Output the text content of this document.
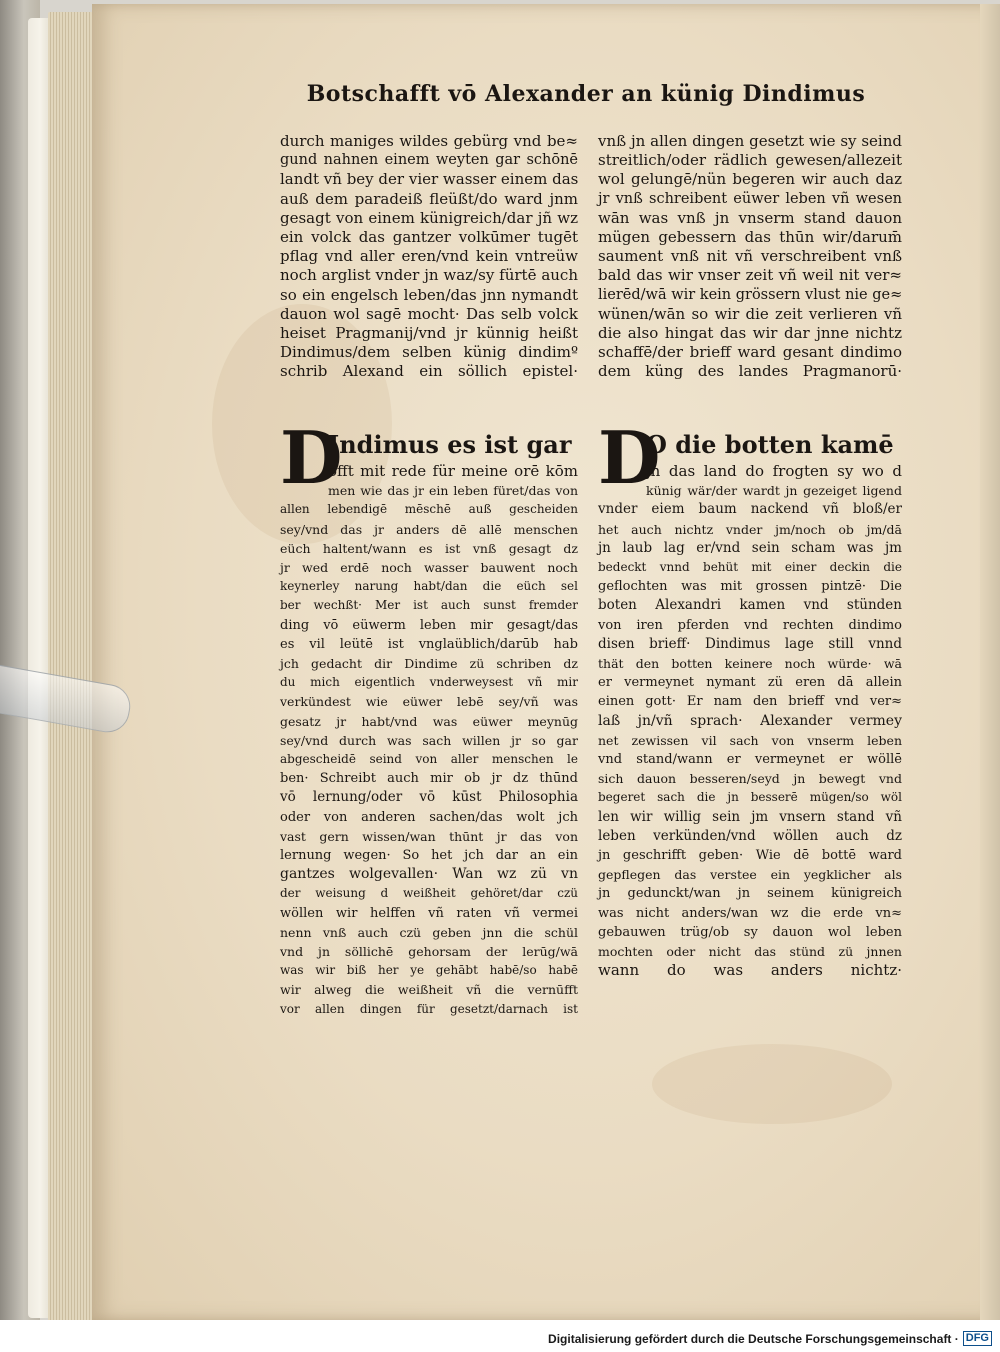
Botschafft vō Alexander an künig Dindimus
durch maniges wildes gebürg vnd be≈
gund nahnen einem weyten gar schōnē
landt vñ bey der vier wasser einem das
auß dem paradeiß fleüßt/do ward jnm
gesagt von einem künigreich/dar jñ wz
ein volck das gantzer volkūmer tugēt
pflag vnd aller eren/vnd kein vntreüw
noch arglist vnder jn waz/sy fürtē auch
so ein engelsch leben/das jnn nymandt
dauon wol sagē mocht· Das selb volck
heiset Pragmanij/vnd jr künnig heißt
Dindimus/dem selben künig dindimº
schrib Alexand ein söllich epistel·
vnß jn allen dingen gesetzt wie sy seind
streitlich/oder rädlich gewesen/allezeit
wol gelungē/nün begeren wir auch daz
jr vnß schreibent eüwer leben vñ wesen
wān was vnß jn vnserm stand dauon
mügen gebessern das thūn wir/darum̄
saument vnß nit vñ verschreibent vnß
bald das wir vnser zeit vñ weil nit ver≈
lierēd/wā wir kein grössern vlust nie ge≈
wünen/wān so wir die zeit verlieren vñ
die also hingat das wir dar jnne nichtz
schaffē/der brieff ward gesant dindimo
dem küng des landes Pragmanorū·
D
Indimus es ist gar
offt mit rede für meine orē kōm
men wie das jr ein leben füret/das von
allen lebendigē mēschē auß gescheiden
sey/vnd das jr anders dē allē menschen
eüch haltent/wann es ist vnß gesagt dz
jr wed erdē noch wasser bauwent noch
keynerley narung habt/dan die eüch sel
ber wechßt· Mer ist auch sunst fremder
ding vō eüwerm leben mir gesagt/das
es vil leütē ist vnglaüblich/darūb hab
jch gedacht dir Dindime zü schriben dz
du mich eigentlich vnderweysest vñ mir
verkündest wie eüwer lebē sey/vñ was
gesatz jr habt/vnd was eüwer meynūg
sey/vnd durch was sach willen jr so gar
abgescheidē seind von aller menschen le
ben· Schreibt auch mir ob jr dz thūnd
vō lernung/oder vō kūst Philosophia
oder von anderen sachen/das wolt jch
vast gern wissen/wan thūnt jr das von
lernung wegen· So het jch dar an ein
gantzes wolgevallen· Wan wz zü vn
der weisung d weißheit gehöret/dar czü
wöllen wir helffen vñ raten vñ vermei
nenn vnß auch czü geben jnn die schül
vnd jn söllichē gehorsam der lerūg/wā
was wir biß her ye gehābt habē/so habē
wir alweg die weißheit vñ die vernūfft
vor allen dingen für gesetzt/darnach ist
D
O die botten kamē
jn das land do frogten sy wo d
künig wär/der wardt jn gezeiget ligend
vnder eiem baum nackend vñ bloß/er
het auch nichtz vnder jm/noch ob jm/dā
jn laub lag er/vnd sein scham was jm
bedeckt vnnd behüt mit einer deckin die
geflochten was mit grossen pintzē· Die
boten Alexandri kamen vnd stünden
von iren pferden vnd rechten dindimo
disen brieff· Dindimus lage still vnnd
thät den botten keinere noch würde· wā
er vermeynet nymant zü eren dā allein
einen gott· Er nam den brieff vnd ver≈
laß jn/vñ sprach· Alexander vermey
net zewissen vil sach von vnserm leben
vnd stand/wann er vermeynet er wöllē
sich dauon besseren/seyd jn bewegt vnd
begeret sach die jn besserē mügen/so wöl
len wir willig sein jm vnsern stand vñ
leben verkünden/vnd wöllen auch dz
jn geschrifft geben· Wie dē bottē ward
gepflegen das verstee ein yegklicher als
jn gedunckt/wan jn seinem künigreich
was nicht anders/wan wz die erde vn≈
gebauwen trüg/ob sy dauon wol leben
mochten oder nicht das stünd zü jnnen
wann do was anders nichtz·
Digitalisierung gefördert durch die Deutsche Forschungsgemeinschaft · DFG
